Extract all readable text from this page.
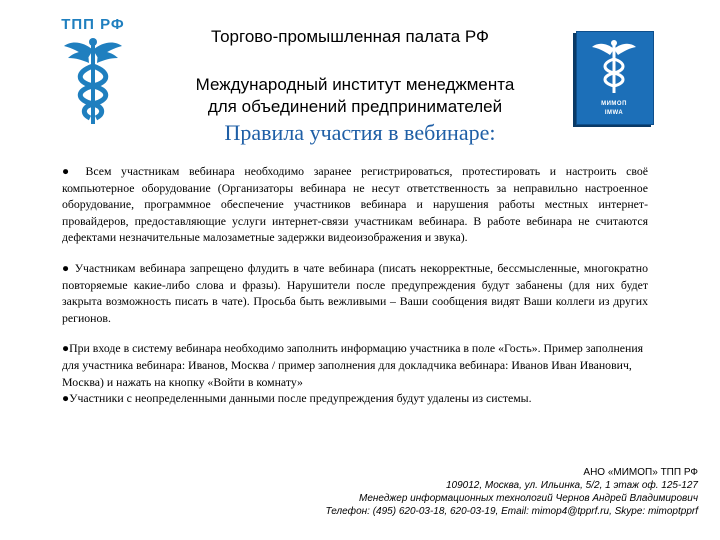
ТПП РФ
МИМОП
IMWA
Торгово-промышленная палата РФ
Международный институт менеджмента
для объединений предпринимателей
Правила участия в вебинаре:

● Всем участникам вебинара необходимо заранее регистрироваться, протестировать и настроить своё компьютерное оборудование (Организаторы вебинара не несут ответственность за неправильно настроенное оборудование, программное обеспечение участников вебинара и нарушения работы местных интернет-провайдеров, предоставляющие услуги интернет-связи участникам вебинара. В работе вебинара не считаются дефектами незначительные малозаметные задержки видеоизображения и звука).

● Участникам вебинара запрещено флудить в чате вебинара (писать некорректные, бессмысленные, многократно повторяемые какие-либо слова и фразы). Нарушители после предупреждения будут забанены (для них будет закрыта возможность писать в чате). Просьба быть вежливыми – Ваши сообщения видят Ваши коллеги из других регионов.

●При входе в систему вебинара необходимо заполнить информацию участника в поле «Гость». Пример заполнения для участника вебинара: Иванов, Москва / пример заполнения для докладчика вебинара: Иванов Иван Иванович, Москва) и нажать на кнопку «Войти в комнату»

●Участники с неопределенными данными после предупреждения будут удалены из системы.

АНО «МИМОП» ТПП РФ
109012, Москва, ул. Ильинка, 5/2, 1 этаж оф. 125-127
Менеджер информационных технологий Чернов Андрей Владимирович
Телефон: (495) 620-03-18, 620-03-19, Email: mimop4@tpprf.ru, Skype: mimoptpprf
